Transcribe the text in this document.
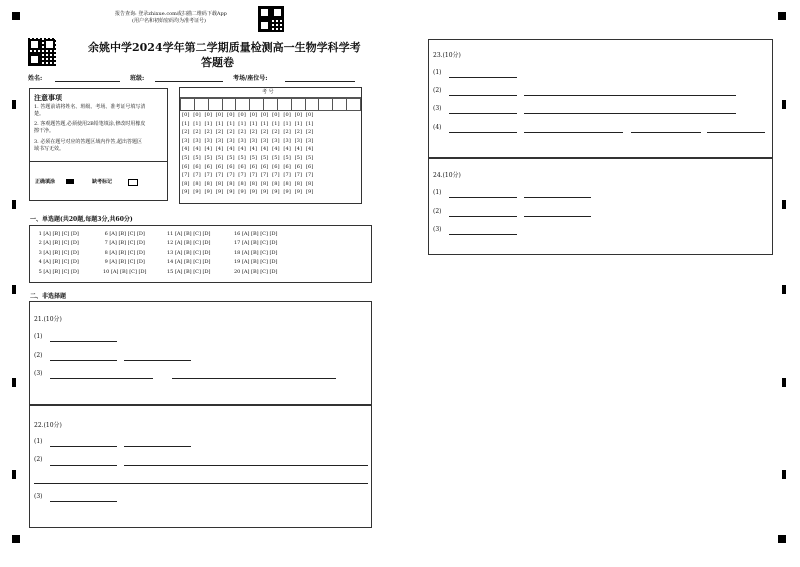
报告查询: 登录zhixue.com或扫描二维码下载App
(用户名和初始密码均为准考证号)
余姚中学2024学年第二学期质量检测高一生物学科学考
答题卷
姓名:	班级:	考场/座位号:
注意事项
1. 答题前请将姓名、班级、考场、准考证号填写清楚。
2. 客观题答题,必须使用2B铅笔填涂,修改时用橡皮擦干净。
3. 必须在题号对应的答题区域内作答,超出答题区域书写无效。
正确填涂	缺考标记
考 号

[0]  [0]  [0]  [0]  [0]  [0]  [0]  [0]  [0]  [0]  [0]  [0]
[1]  [1]  [1]  [1]  [1]  [1]  [1]  [1]  [1]  [1]  [1]  [1]
[2]  [2]  [2]  [2]  [2]  [2]  [2]  [2]  [2]  [2]  [2]  [2]
[3]  [3]  [3]  [3]  [3]  [3]  [3]  [3]  [3]  [3]  [3]  [3]
[4]  [4]  [4]  [4]  [4]  [4]  [4]  [4]  [4]  [4]  [4]  [4]
[5]  [5]  [5]  [5]  [5]  [5]  [5]  [5]  [5]  [5]  [5]  [5]
[6]  [6]  [6]  [6]  [6]  [6]  [6]  [6]  [6]  [6]  [6]  [6]
[7]  [7]  [7]  [7]  [7]  [7]  [7]  [7]  [7]  [7]  [7]  [7]
[8]  [8]  [8]  [8]  [8]  [8]  [8]  [8]  [8]  [8]  [8]  [8]
[9]  [9]  [9]  [9]  [9]  [9]  [9]  [9]  [9]  [9]  [9]  [9]
一、单选题(共20题,每题3分,共60分)
1 [A] [B] [C] [D]
2 [A] [B] [C] [D]
3 [A] [B] [C] [D]
4 [A] [B] [C] [D]
5 [A] [B] [C] [D]
6 [A] [B] [C] [D]
7 [A] [B] [C] [D]
8 [A] [B] [C] [D]
9 [A] [B] [C] [D]
10 [A] [B] [C] [D]
11 [A] [B] [C] [D]
12 [A] [B] [C] [D]
13 [A] [B] [C] [D]
14 [A] [B] [C] [D]
15 [A] [B] [C] [D]
16 [A] [B] [C] [D]
17 [A] [B] [C] [D]
18 [A] [B] [C] [D]
19 [A] [B] [C] [D]
20 [A] [B] [C] [D]
二、非选择题
21.(10分)
(1)
(2)
(3)
22.(10分)
(1)
(2)
(3)
23.(10分)
(1)
(2)
(3)
(4)
24.(10分)
(1)
(2)
(3)
